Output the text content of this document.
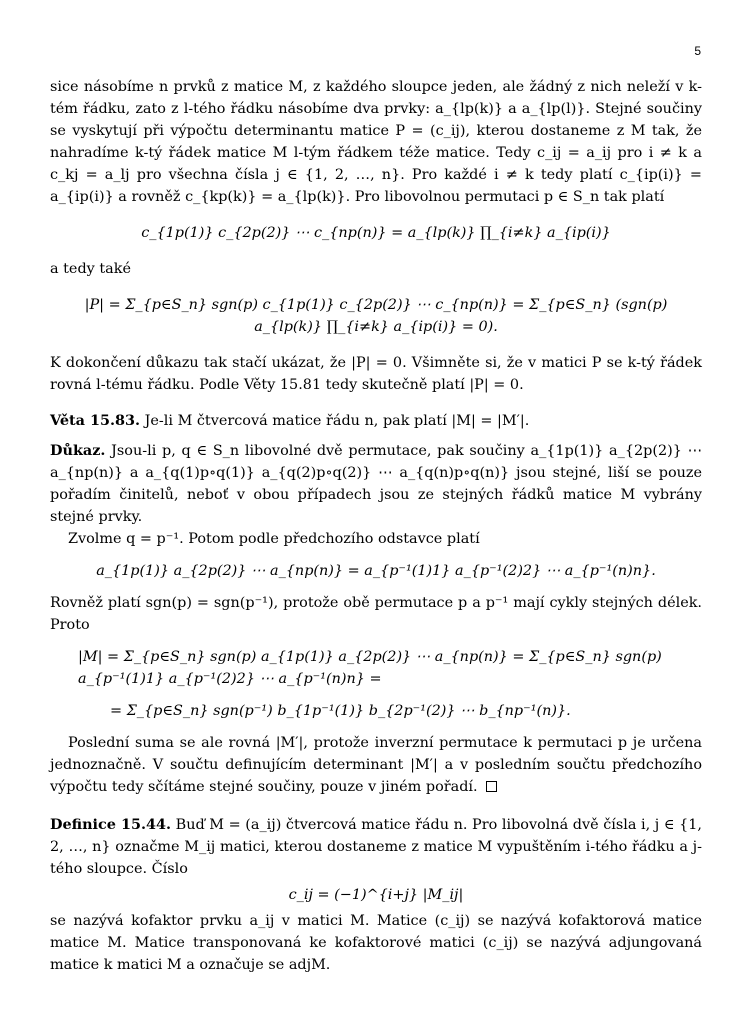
5

sice násobíme n prvků z matice M, z každého sloupce jeden, ale žádný z nich neleží v k-tém řádku, zato z l-tého řádku násobíme dva prvky: a_{lp(k)} a a_{lp(l)}. Stejné součiny se vyskytují při výpočtu determinantu matice P = (c_ij), kterou dostaneme z M tak, že nahradíme k-tý řádek matice M l-tým řádkem téže matice. Tedy c_ij = a_ij pro i ≠ k a c_kj = a_lj pro všechna čísla j ∈ {1, 2, …, n}. Pro každé i ≠ k tedy platí c_{ip(i)} = a_{ip(i)} a rovněž c_{kp(k)} = a_{lp(k)}. Pro libovolnou permutaci p ∈ S_n tak platí

c_{1p(1)} c_{2p(2)} ⋯ c_{np(n)} = a_{lp(k)} ∏_{i≠k} a_{ip(i)}

a tedy také

|P| = Σ_{p∈S_n} sgn(p) c_{1p(1)} c_{2p(2)} ⋯ c_{np(n)} = Σ_{p∈S_n} (sgn(p) a_{lp(k)} ∏_{i≠k} a_{ip(i)} = 0).

K dokončení důkazu tak stačí ukázat, že |P| = 0. Všimněte si, že v matici P se k-tý řádek rovná l-tému řádku. Podle Věty 15.81 tedy skutečně platí |P| = 0.

Věta 15.83. Je-li M čtvercová matice řádu n, pak platí |M| = |M′|.

Důkaz. Jsou-li p, q ∈ S_n libovolné dvě permutace, pak součiny a_{1p(1)} a_{2p(2)} ⋯ a_{np(n)} a a_{q(1)p∘q(1)} a_{q(2)p∘q(2)} ⋯ a_{q(n)p∘q(n)} jsou stejné, liší se pouze pořadím činitelů, neboť v obou případech jsou ze stejných řádků matice M vybrány stejné prvky.

Zvolme q = p⁻¹. Potom podle předchozího odstavce platí

a_{1p(1)} a_{2p(2)} ⋯ a_{np(n)} = a_{p⁻¹(1)1} a_{p⁻¹(2)2} ⋯ a_{p⁻¹(n)n}.

Rovněž platí sgn(p) = sgn(p⁻¹), protože obě permutace p a p⁻¹ mají cykly stejných délek. Proto

|M| = Σ_{p∈S_n} sgn(p) a_{1p(1)} a_{2p(2)} ⋯ a_{np(n)} = Σ_{p∈S_n} sgn(p) a_{p⁻¹(1)1} a_{p⁻¹(2)2} ⋯ a_{p⁻¹(n)n} =
= Σ_{p∈S_n} sgn(p⁻¹) b_{1p⁻¹(1)} b_{2p⁻¹(2)} ⋯ b_{np⁻¹(n)}.

Poslední suma se ale rovná |M′|, protože inverzní permutace k permutaci p je určena jednoznačně. V součtu definujícím determinant |M′| a v posledním součtu předchozího výpočtu tedy sčítáme stejné součiny, pouze v jiném pořadí.

Definice 15.44. Buď M = (a_ij) čtvercová matice řádu n. Pro libovolná dvě čísla i, j ∈ {1, 2, …, n} označme M_ij matici, kterou dostaneme z matice M vypuštěním i-tého řádku a j-tého sloupce. Číslo

c_ij = (−1)^{i+j} |M_ij|

se nazývá kofaktor prvku a_ij v matici M. Matice (c_ij) se nazývá kofaktorová matice matice M. Matice transponovaná ke kofaktorové matici (c_ij) se nazývá adjungovaná matice k matici M a označuje se adjM.
